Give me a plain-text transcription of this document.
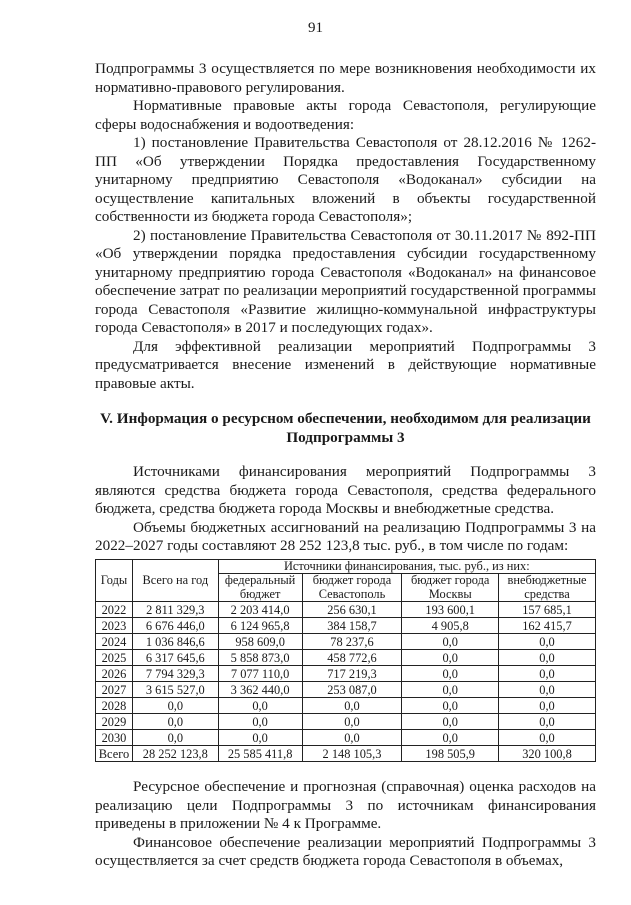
91

Подпрограммы 3 осуществляется по мере возникновения необходимости их нормативно-правового регулирования.

Нормативные правовые акты города Севастополя, регулирующие сферы водоснабжения и водоотведения:

1) постановление Правительства Севастополя от 28.12.2016 № 1262-ПП «Об утверждении Порядка предоставления Государственному унитарному предприятию Севастополя «Водоканал» субсидии на осуществление капитальных вложений в объекты государственной собственности из бюджета города Севастополя»;

2) постановление Правительства Севастополя от 30.11.2017 № 892-ПП «Об утверждении порядка предоставления субсидии государственному унитарному предприятию города Севастополя «Водоканал» на финансовое обеспечение затрат по реализации мероприятий государственной программы города Севастополя «Развитие жилищно-коммунальной инфраструктуры города Севастополя» в 2017 и последующих годах».

Для эффективной реализации мероприятий Подпрограммы 3 предусматривается внесение изменений в действующие нормативные правовые акты.

V. Информация о ресурсном обеспечении, необходимом для реализации
Подпрограммы 3

Источниками финансирования мероприятий Подпрограммы 3 являются средства бюджета города Севастополя, средства федерального бюджета, средства бюджета города Москвы и внебюджетные средства.

Объемы бюджетных ассигнований на реализацию Подпрограммы 3 на 2022–2027 годы составляют 28 252 123,8 тыс. руб., в том числе по годам:

Годы	Всего на год	Источники финансирования, тыс. руб., из них:			
		федеральный бюджет	бюджет города Севастополь	бюджет города Москвы	внебюджетные средства
2022	2 811 329,3	2 203 414,0	256 630,1	193 600,1	157 685,1
2023	6 676 446,0	6 124 965,8	384 158,7	4 905,8	162 415,7
2024	1 036 846,6	958 609,0	78 237,6	0,0	0,0
2025	6 317 645,6	5 858 873,0	458 772,6	0,0	0,0
2026	7 794 329,3	7 077 110,0	717 219,3	0,0	0,0
2027	3 615 527,0	3 362 440,0	253 087,0	0,0	0,0
2028	0,0	0,0	0,0	0,0	0,0
2029	0,0	0,0	0,0	0,0	0,0
2030	0,0	0,0	0,0	0,0	0,0
Всего	28 252 123,8	25 585 411,8	2 148 105,3	198 505,9	320 100,8

Ресурсное обеспечение и прогнозная (справочная) оценка расходов на реализацию цели Подпрограммы 3 по источникам финансирования приведены в приложении № 4 к Программе.

Финансовое обеспечение реализации мероприятий Подпрограммы 3 осуществляется за счет средств бюджета города Севастополя в объемах,
